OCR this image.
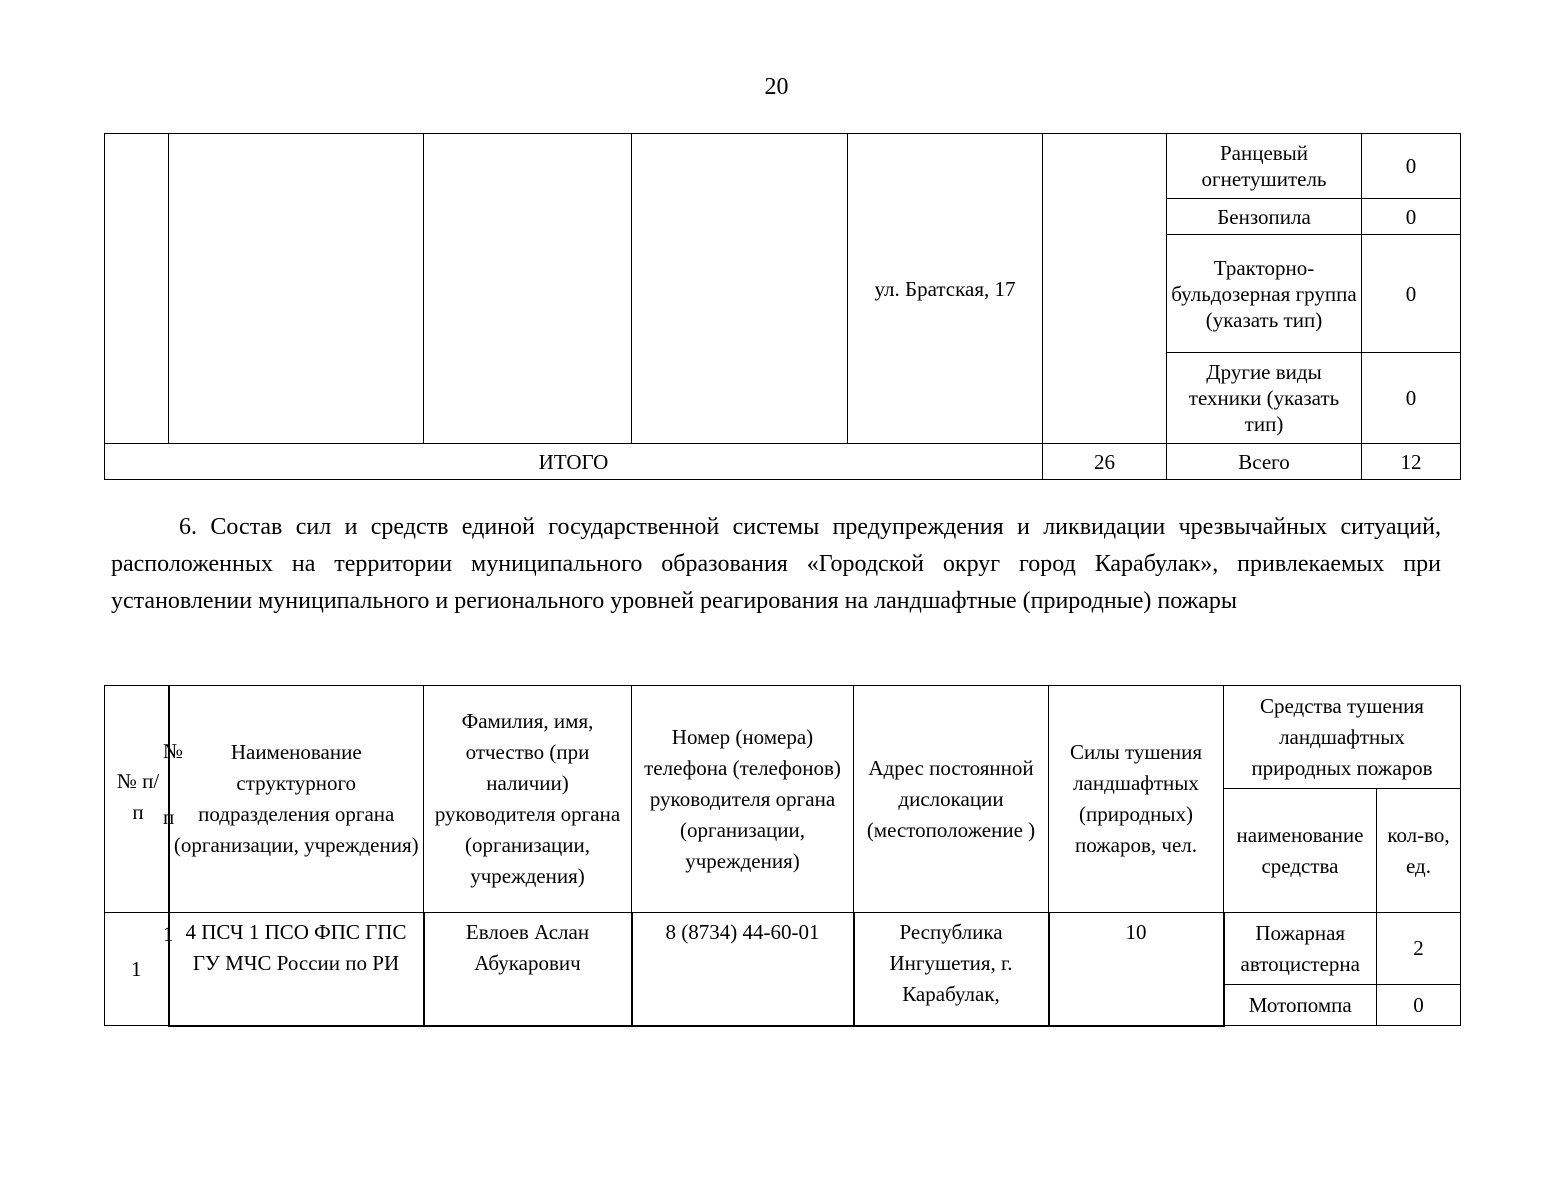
20
				ул. Братская, 17		Ранцевый огнетушитель	0
						Бензопила	0
						Тракторно-бульдозерная группа (указать тип)	0
						Другие виды техники (указать тип)	0
ИТОГО					26	Всего	12
6. Состав сил и средств единой государственной системы предупреждения и ликвидации чрезвычайных ситуаций, расположенных на территории муниципального образования «Городской округ город Карабулак», привлекаемых при установлении муниципального и регионального уровней реагирования на ландшафтные (природные) пожары
№
№ п/п п	Наименование структурного подразделения органа (организации, учреждения)	Фамилия, имя, отчество (при наличии) руководителя органа (организации, учреждения)	Номер (номера) телефона (телефонов) руководителя органа (организации, учреждения)	Адрес постоянной дислокации (местоположение )	Силы тушения ландшафтных (природных) пожаров, чел.	Средства тушения ландшафтных природных пожаров	
						наименование средства	кол-во, ед.

1
1	4 ПСЧ 1 ПСО ФПС ГПС ГУ МЧС России по РИ	Евлоев Аслан Абукарович	8 (8734) 44-60-01	Республика Ингушетия, г. Карабулак,	10	Пожарная автоцистерна	2
						Мотопомпа	0
